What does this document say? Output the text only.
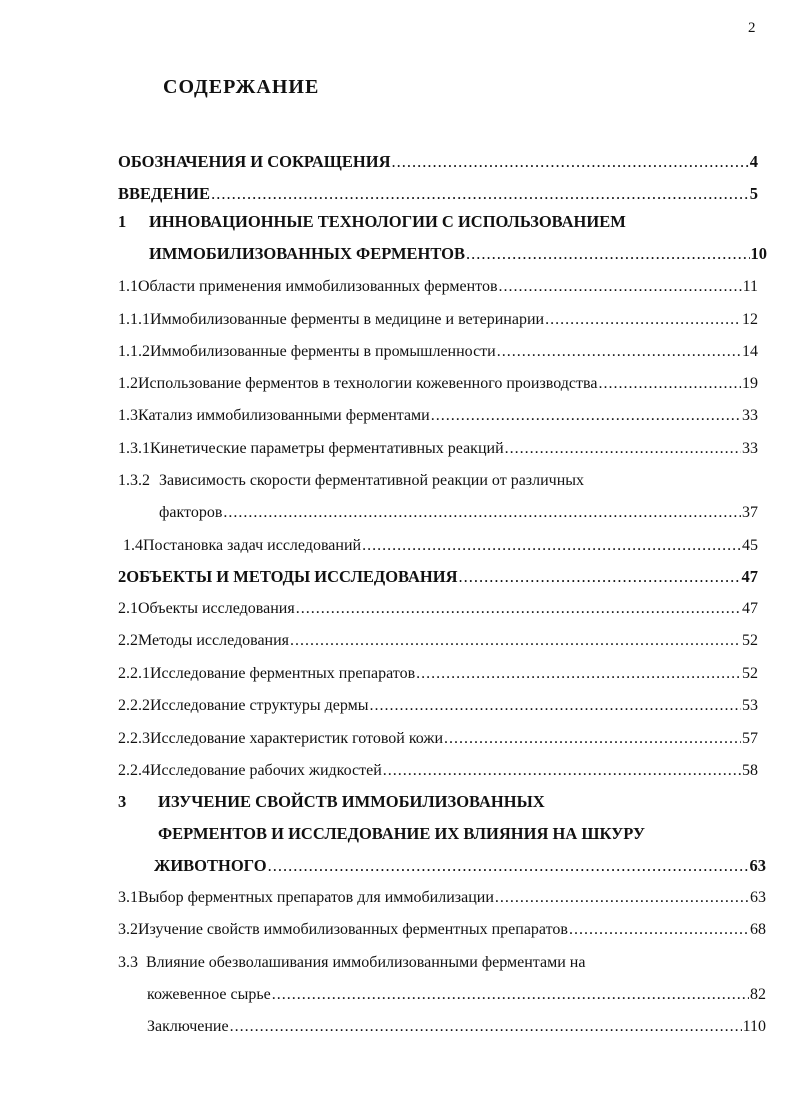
2
СОДЕРЖАНИЕ
ОБОЗНАЧЕНИЯ И СОКРАЩЕНИЯ .....	4
ВВЕДЕНИЕ .....	5
1	ИННОВАЦИОННЫЕ ТЕХНОЛОГИИ С ИСПОЛЬЗОВАНИЕМ
ИММОБИЛИЗОВАННЫХ ФЕРМЕНТОВ .....	10
1.1 Области применения иммобилизованных ферментов .....	11
1.1.1 Иммобилизованные ферменты в медицине и ветеринарии .....	12
1.1.2 Иммобилизованные ферменты в промышленности .....	14
1.2 Использование ферментов в технологии кожевенного производства .....	19
1.3 Катализ иммобилизованными ферментами .....	33
1.3.1 Кинетические параметры ферментативных реакций .....	33
1.3.2 Зависимость скорости ферментативной реакции от различных
факторов .....	37
1.4 Постановка задач исследований .....	45
2 ОБЪЕКТЫ И МЕТОДЫ ИССЛЕДОВАНИЯ .....	47
2.1 Объекты исследования .....	47
2.2 Методы исследования .....	52
2.2.1 Исследование ферментных препаратов .....	52
2.2.2 Исследование структуры дермы .....	53
2.2.3 Исследование характеристик готовой кожи .....	57
2.2.4 Исследование рабочих жидкостей .....	58
3	ИЗУЧЕНИЕ СВОЙСТВ ИММОБИЛИЗОВАННЫХ
ФЕРМЕНТОВ И ИССЛЕДОВАНИЕ ИХ ВЛИЯНИЯ НА ШКУРУ
ЖИВОТНОГО .....	63
3.1 Выбор ферментных препаратов для иммобилизации .....	63
3.2 Изучение свойств иммобилизованных ферментных препаратов .....	68
3.3 Влияние обезволашивания иммобилизованными ферментами на
кожевенное сырье .....	82
Заключение .....	110
